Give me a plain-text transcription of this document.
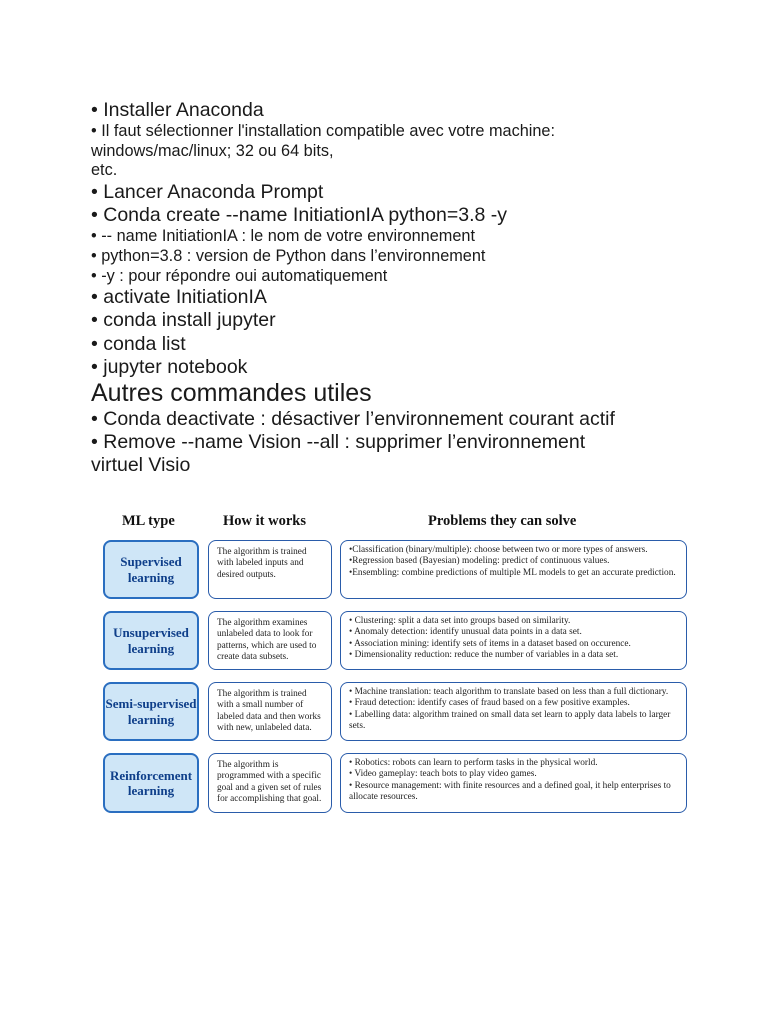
• Installer Anaconda
• Il faut sélectionner l'installation compatible avec votre machine:
windows/mac/linux; 32 ou 64 bits,
etc.
• Lancer Anaconda Prompt
• Conda create --name InitiationIA python=3.8 -y
• -- name InitiationIA : le nom de votre environnement
• python=3.8 : version de Python dans l’environnement
• -y : pour répondre oui automatiquement
• activate InitiationIA
• conda install jupyter
• conda list
• jupyter notebook
Autres commandes utiles
• Conda deactivate : désactiver l’environnement courant actif
• Remove --name Vision --all : supprimer l’environnement
virtuel Visio
ML type	How it works	Problems they can solve
Supervised learning
The algorithm is trained with labeled inputs and desired outputs.
•Classification (binary/multiple): choose between two or more types of answers.
•Regression based (Bayesian) modeling: predict of continuous values.
•Ensembling: combine predictions of multiple ML models to get an accurate prediction.
Unsupervised learning
The algorithm examines unlabeled data to look for patterns, which are used to create data subsets.
• Clustering: split a data set into groups based on similarity.
• Anomaly detection: identify unusual data points in a data set.
• Association mining: identify sets of items in a dataset based on occurence.
• Dimensionality reduction: reduce the number of variables in a data set.
Semi-supervised learning
The algorithm is trained with a small number of labeled data and then works with new, unlabeled data.
• Machine translation: teach algorithm to translate based on less than a full dictionary.
• Fraud detection: identify cases of fraud based on a few positive examples.
• Labelling data: algorithm trained on small data set learn to apply data labels to larger sets.
Reinforcement learning
The algorithm is programmed with a specific goal and a given set of rules for accomplishing that goal.
• Robotics: robots can learn to perform tasks in the physical world.
• Video gameplay: teach bots to play video games.
• Resource management: with finite resources and a defined goal, it help enterprises to allocate resources.
